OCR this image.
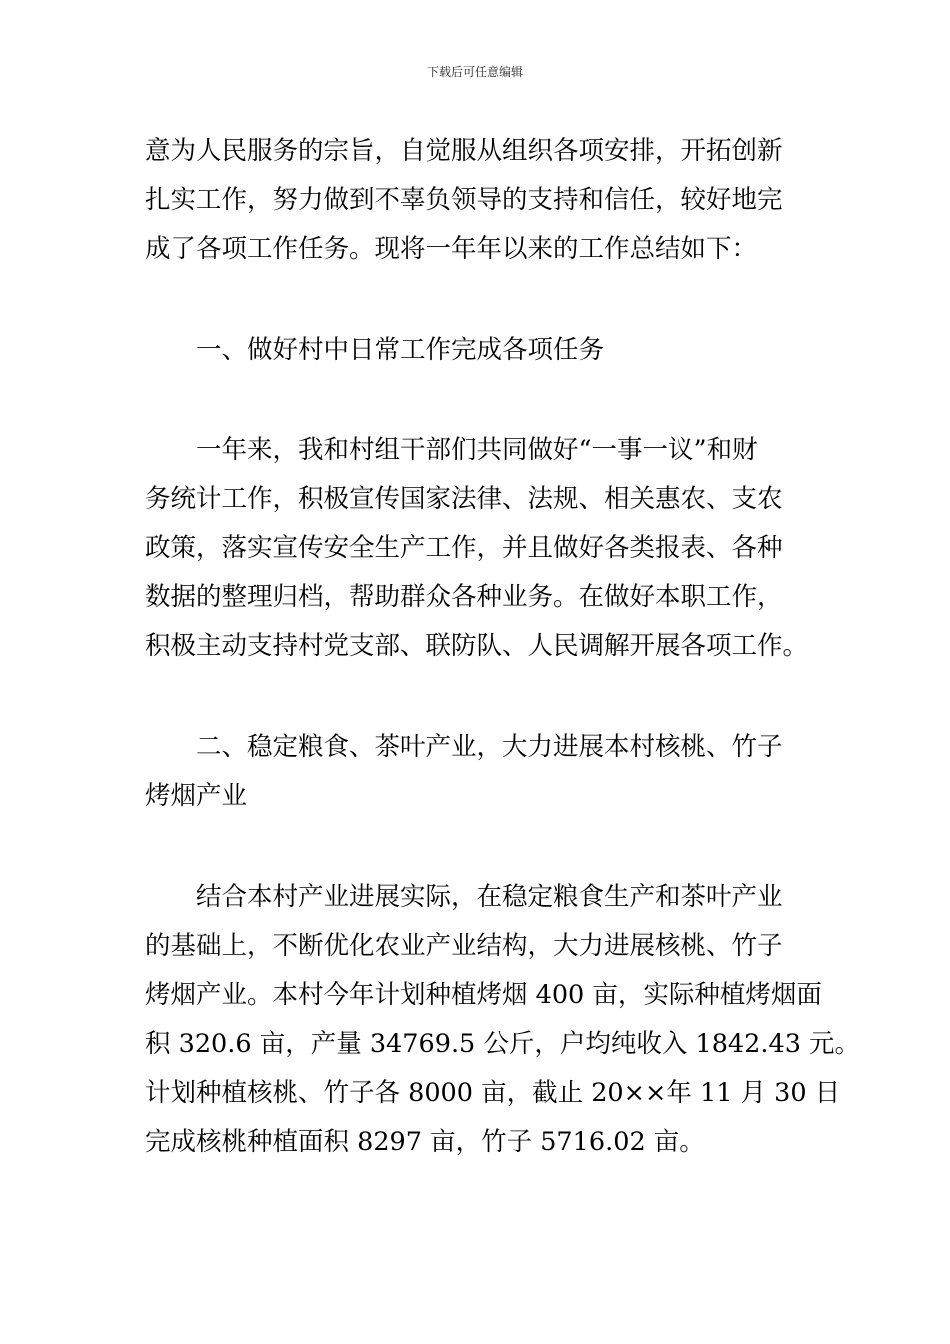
下载后可任意编辑
意为人民服务的宗旨，自觉服从组织各项安排，开拓创新
扎实工作，努力做到不辜负领导的支持和信任，较好地完
成了各项工作任务。现将一年年以来的工作总结如下：
　　一、做好村中日常工作完成各项任务
　　一年来，我和村组干部们共同做好“一事一议”和财
务统计工作，积极宣传国家法律、法规、相关惠农、支农
政策，落实宣传安全生产工作，并且做好各类报表、各种
数据的整理归档，帮助群众各种业务。在做好本职工作，
积极主动支持村党支部、联防队、人民调解开展各项工作。
　　二、稳定粮食、茶叶产业，大力进展本村核桃、竹子
烤烟产业
　　结合本村产业进展实际，在稳定粮食生产和茶叶产业
的基础上，不断优化农业产业结构，大力进展核桃、竹子
烤烟产业。本村今年计划种植烤烟 400 亩，实际种植烤烟面
积 320.6 亩，产量 34769.5 公斤，户均纯收入 1842.43 元。
计划种植核桃、竹子各 8000 亩，截止 20××年 11 月 30 日
完成核桃种植面积 8297 亩，竹子 5716.02 亩。
